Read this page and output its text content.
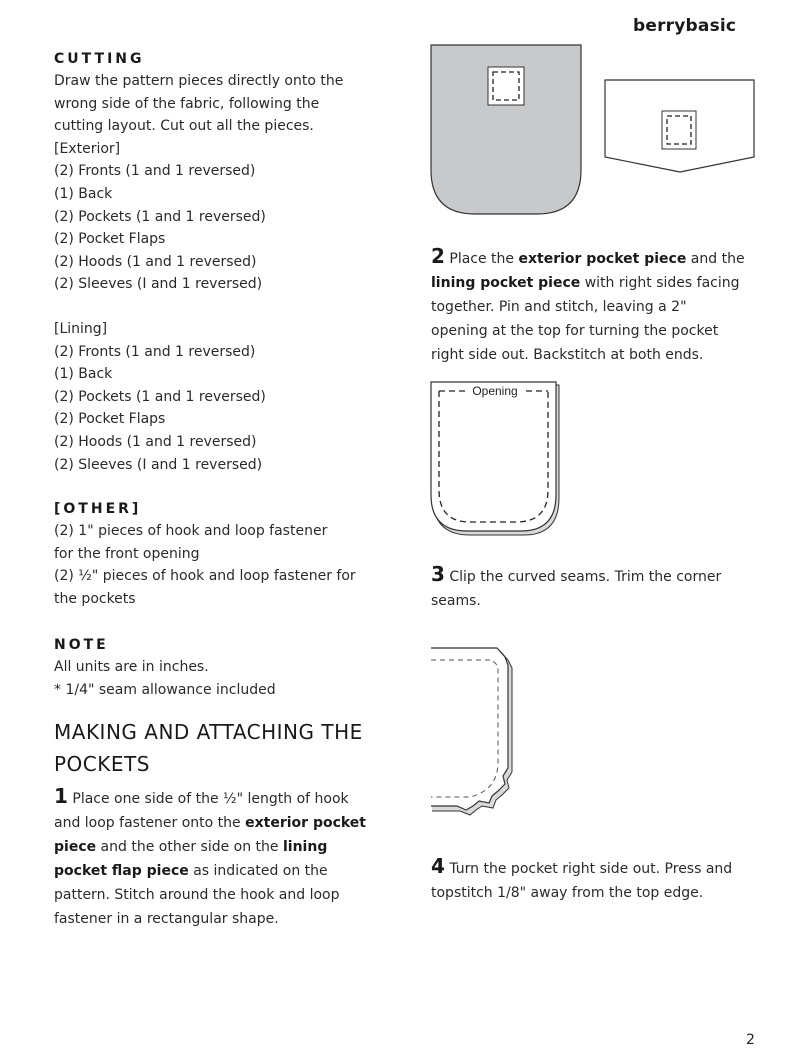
berrybasic
CUTTING
Draw the pattern pieces directly onto the
wrong side of the fabric, following the
cutting layout. Cut out all the pieces.
[Exterior]
(2) Fronts (1 and 1 reversed)
(1) Back
(2) Pockets (1 and 1 reversed)
(2) Pocket Flaps
(2) Hoods (1 and 1 reversed)
(2) Sleeves (I and 1 reversed)
[Lining]
(2) Fronts (1 and 1 reversed)
(1) Back
(2) Pockets (1 and 1 reversed)
(2) Pocket Flaps
(2) Hoods (1 and 1 reversed)
(2) Sleeves (I and 1 reversed)
[OTHER]
(2) 1" pieces of hook and loop fastener
for the front opening
(2) ½" pieces of hook and loop fastener for
the pockets
NOTE
All units are in inches.
* 1/4" seam allowance included
MAKING AND ATTACHING THE
POCKETS
1 Place one side of the ½" length of hook
and loop fastener onto the exterior pocket
piece and the other side on the lining
pocket flap piece as indicated on the
pattern. Stitch around the hook and loop
fastener in a rectangular shape.
2 Place the exterior pocket piece and the
lining pocket piece with right sides facing
together. Pin and stitch, leaving a 2"
opening at the top for turning the pocket
right side out. Backstitch at both ends.
Opening
3 Clip the curved seams. Trim the corner
seams.
4 Turn the pocket right side out. Press and
topstitch 1/8" away from the top edge.
2
